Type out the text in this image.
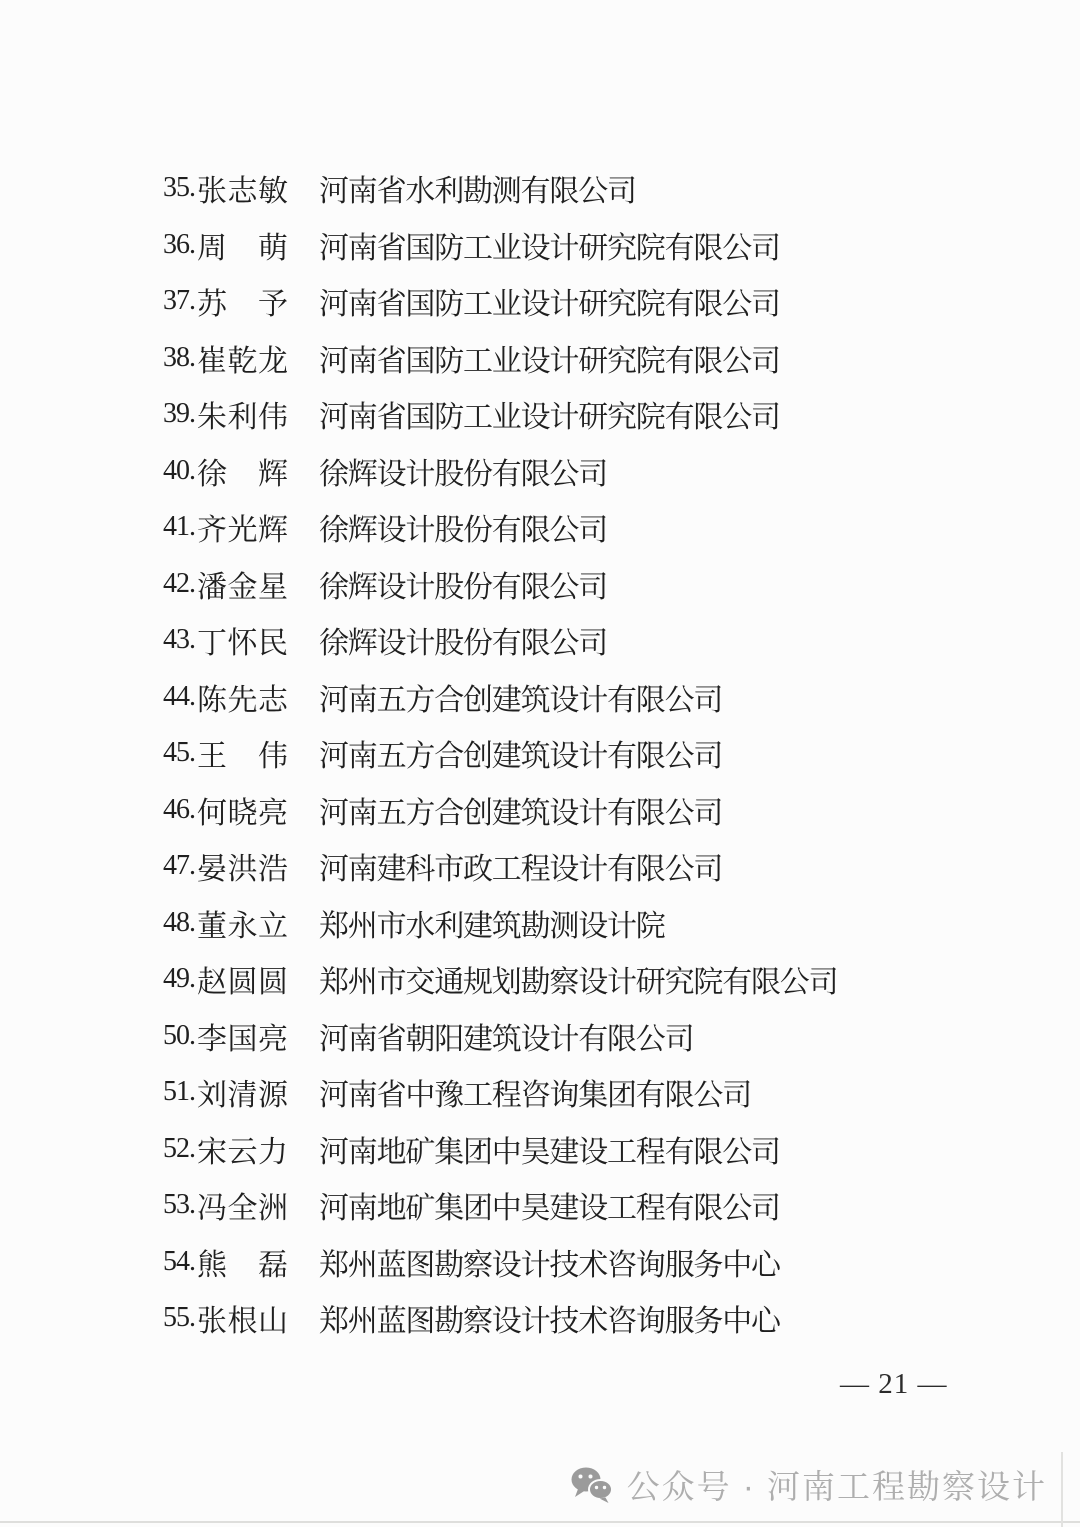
35. 张志敏 河南省水利勘测有限公司
36. 周　萌 河南省国防工业设计研究院有限公司
37. 苏　予 河南省国防工业设计研究院有限公司
38. 崔乾龙 河南省国防工业设计研究院有限公司
39. 朱利伟 河南省国防工业设计研究院有限公司
40. 徐　辉 徐辉设计股份有限公司
41. 齐光辉 徐辉设计股份有限公司
42. 潘金星 徐辉设计股份有限公司
43. 丁怀民 徐辉设计股份有限公司
44. 陈先志 河南五方合创建筑设计有限公司
45. 王　伟 河南五方合创建筑设计有限公司
46. 何晓亮 河南五方合创建筑设计有限公司
47. 晏洪浩 河南建科市政工程设计有限公司
48. 董永立 郑州市水利建筑勘测设计院
49. 赵圆圆 郑州市交通规划勘察设计研究院有限公司
50. 李国亮 河南省朝阳建筑设计有限公司
51. 刘清源 河南省中豫工程咨询集团有限公司
52. 宋云力 河南地矿集团中昊建设工程有限公司
53. 冯全洲 河南地矿集团中昊建设工程有限公司
54. 熊　磊 郑州蓝图勘察设计技术咨询服务中心
55. 张根山 郑州蓝图勘察设计技术咨询服务中心
— 21 —
公众号 · 河南工程勘察设计
